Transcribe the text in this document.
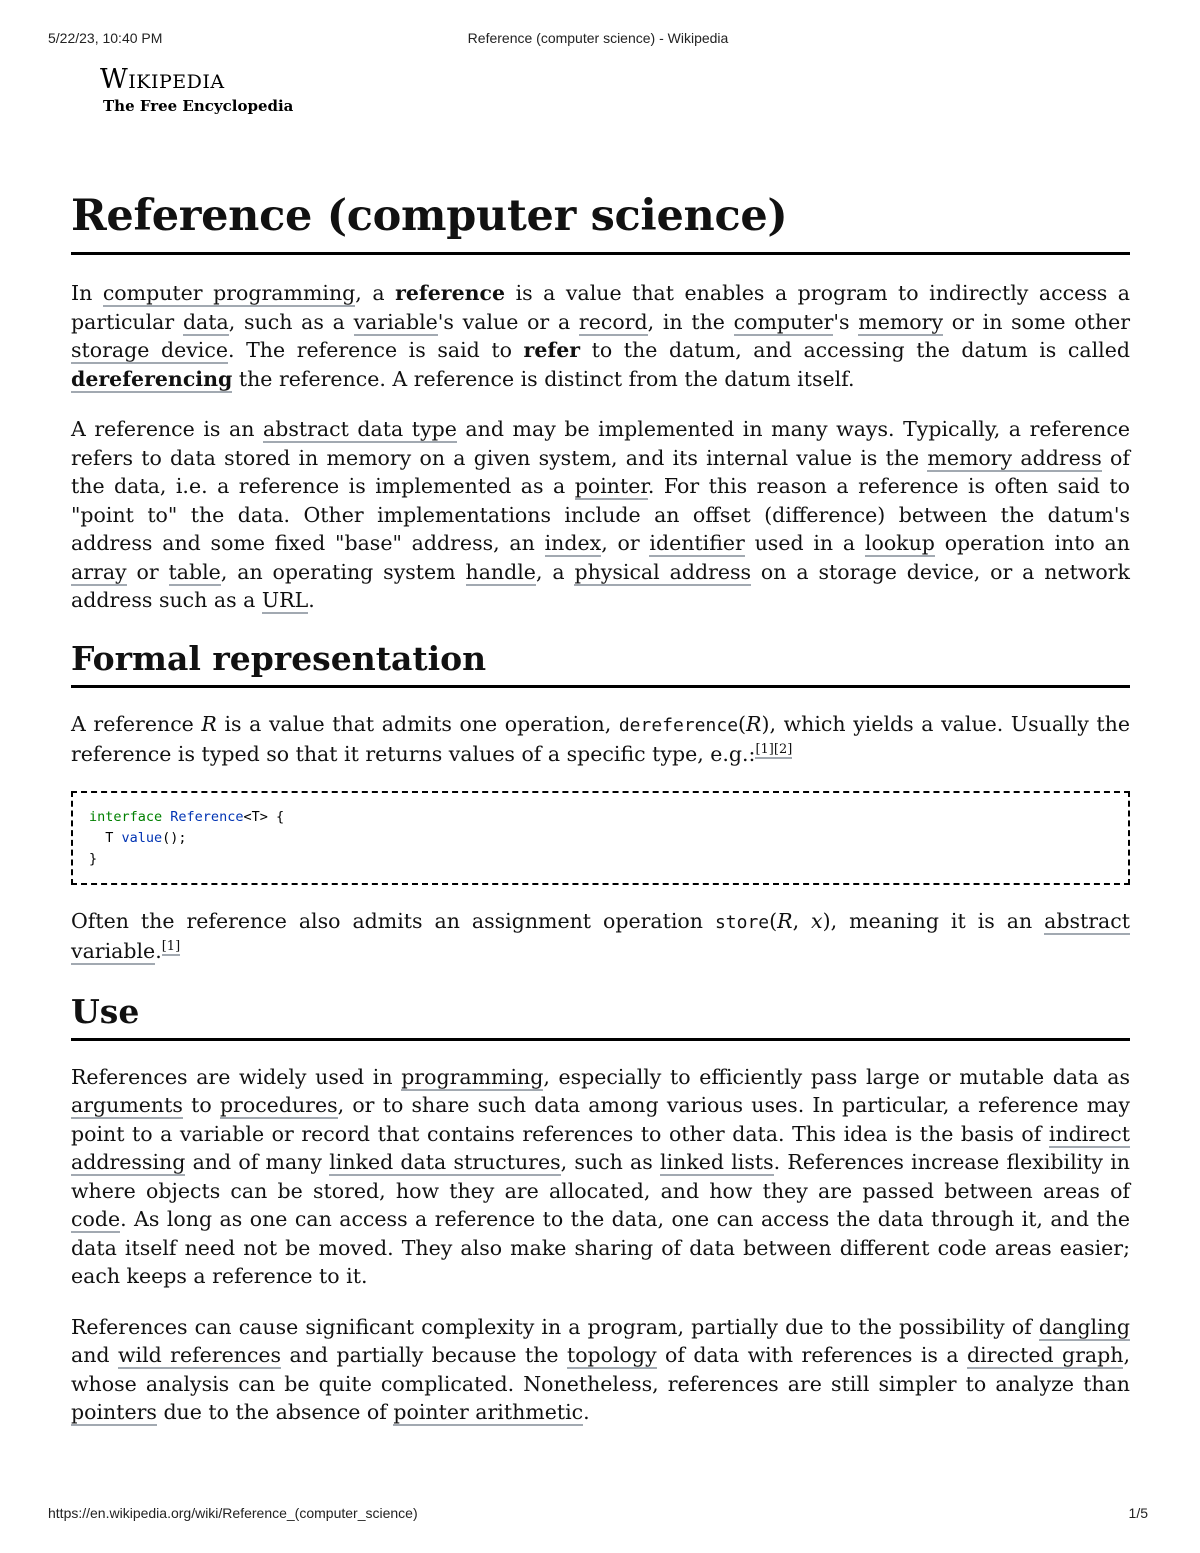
5/22/23, 10:40 PM	Reference (computer science) - Wikipedia
Wikipedia
The Free Encyclopedia
Reference (computer science)

In computer programming, a reference is a value that enables a program to indirectly access a particular data, such as a variable's value or a record, in the computer's memory or in some other storage device. The reference is said to refer to the datum, and accessing the datum is called dereferencing the reference. A reference is distinct from the datum itself.

A reference is an abstract data type and may be implemented in many ways. Typically, a reference refers to data stored in memory on a given system, and its internal value is the memory address of the data, i.e. a reference is implemented as a pointer. For this reason a reference is often said to "point to" the data. Other implementations include an offset (difference) between the datum's address and some fixed "base" address, an index, or identifier used in a lookup operation into an array or table, an operating system handle, a physical address on a storage device, or a network address such as a URL.

Formal representation

A reference R is a value that admits one operation, dereference(R), which yields a value. Usually the reference is typed so that it returns values of a specific type, e.g.:[1][2]

interface Reference<T> {
T value();
}

Often the reference also admits an assignment operation store(R, x), meaning it is an abstract variable.[1]

Use

References are widely used in programming, especially to efficiently pass large or mutable data as arguments to procedures, or to share such data among various uses. In particular, a reference may point to a variable or record that contains references to other data. This idea is the basis of indirect addressing and of many linked data structures, such as linked lists. References increase flexibility in where objects can be stored, how they are allocated, and how they are passed between areas of code. As long as one can access a reference to the data, one can access the data through it, and the data itself need not be moved. They also make sharing of data between different code areas easier; each keeps a reference to it.

References can cause significant complexity in a program, partially due to the possibility of dangling and wild references and partially because the topology of data with references is a directed graph, whose analysis can be quite complicated. Nonetheless, references are still simpler to analyze than pointers due to the absence of pointer arithmetic.

https://en.wikipedia.org/wiki/Reference_(computer_science)	1/5
